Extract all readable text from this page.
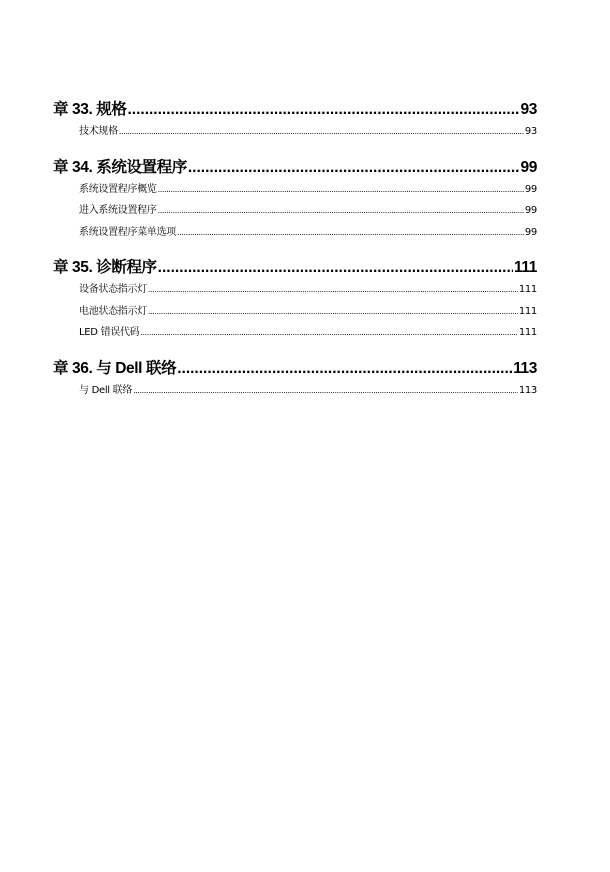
章 33. 规格 .....	93
技术规格 .....	93
章 34. 系统设置程序 .....	99
系统设置程序概览 .....	99
进入系统设置程序 .....	99
系统设置程序菜单选项 .....	99
章 35. 诊断程序 .....	111
设备状态指示灯 .....	111
电池状态指示灯 .....	111
LED 错误代码 .....	111
章 36. 与 Dell 联络 .....	113
与 Dell 联络 .....	113
